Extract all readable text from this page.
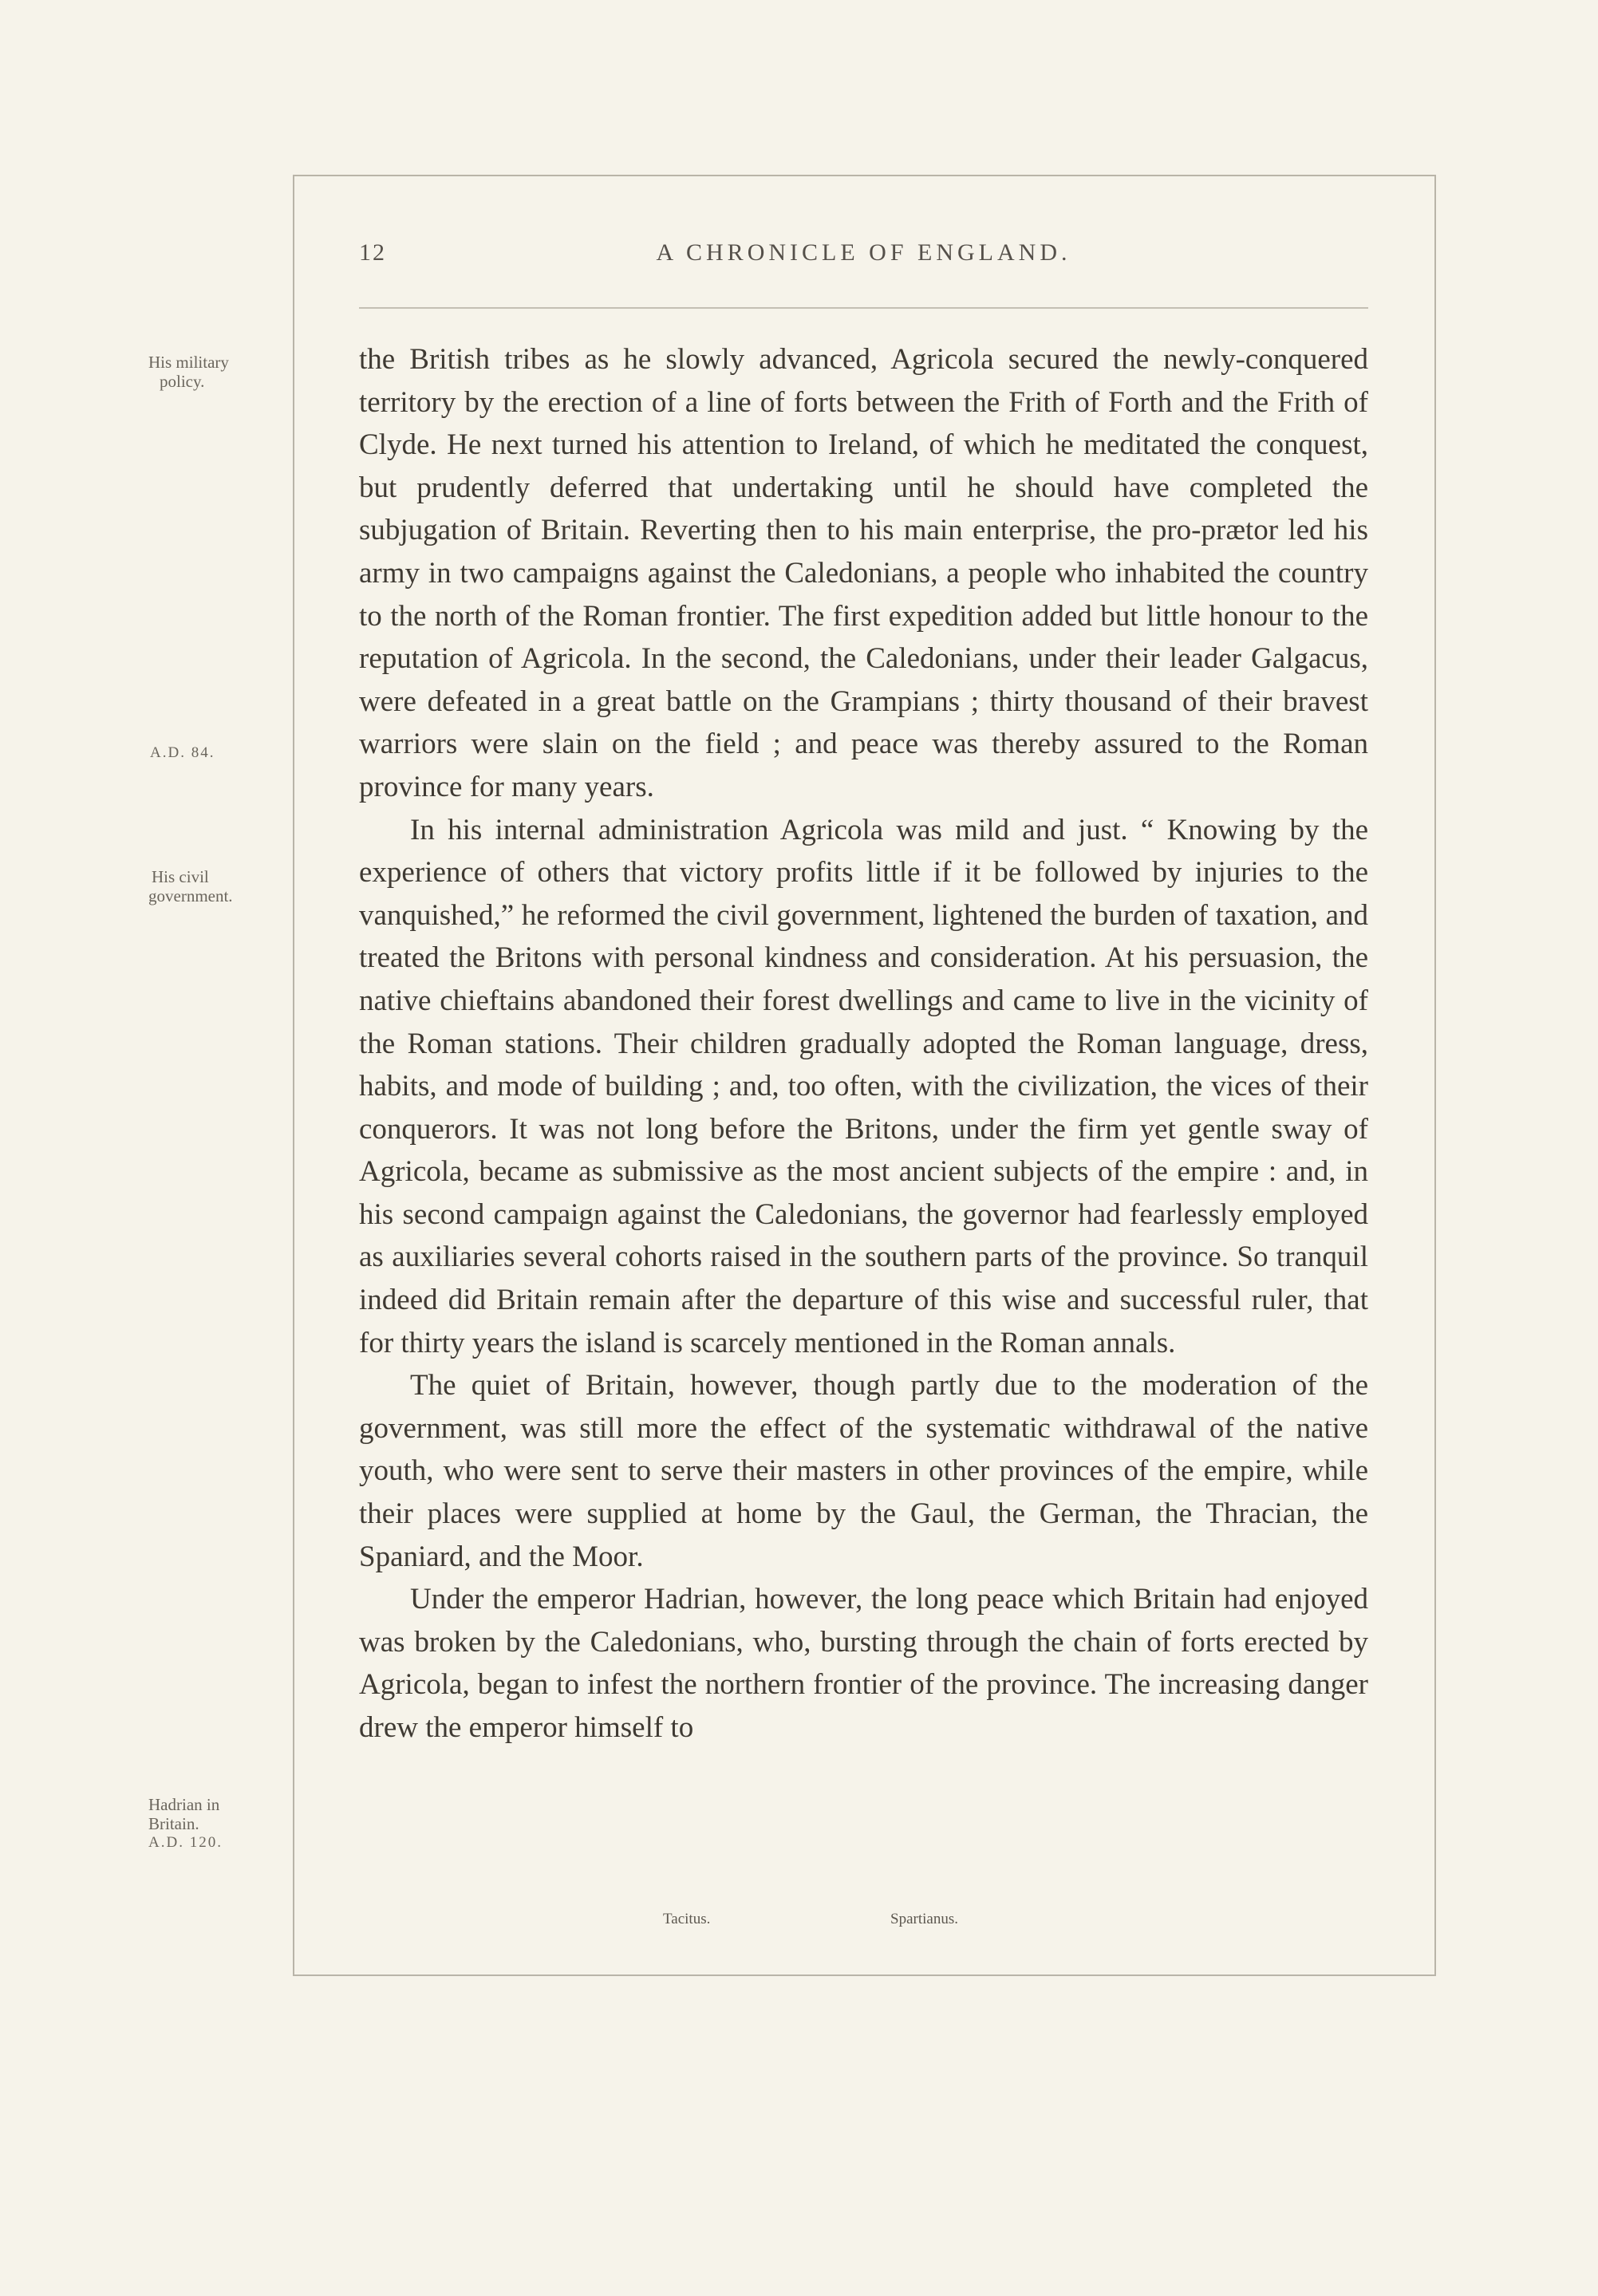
12	A CHRONICLE OF ENGLAND.
His military
policy.
A.D. 84.
His civil
government.
Hadrian in
Britain.
A.D. 120.

the British tribes as he slowly advanced, Agricola secured the newly-conquered territory by the erection of a line of forts between the Frith of Forth and the Frith of Clyde. He next turned his attention to Ireland, of which he meditated the conquest, but prudently deferred that undertaking until he should have completed the subjugation of Britain. Reverting then to his main enterprise, the pro-prætor led his army in two campaigns against the Caledonians, a people who inhabited the country to the north of the Roman frontier. The first expedition added but little honour to the reputation of Agricola. In the second, the Caledonians, under their leader Galgacus, were defeated in a great battle on the Grampians ; thirty thousand of their bravest warriors were slain on the field ; and peace was thereby assured to the Roman province for many years.

In his internal administration Agricola was mild and just. “ Knowing by the experience of others that victory profits little if it be followed by injuries to the vanquished,” he reformed the civil government, lightened the burden of taxation, and treated the Britons with personal kindness and consideration. At his persuasion, the native chieftains abandoned their forest dwellings and came to live in the vicinity of the Roman stations. Their children gradually adopted the Roman language, dress, habits, and mode of building ; and, too often, with the civilization, the vices of their conquerors. It was not long before the Britons, under the firm yet gentle sway of Agricola, became as submissive as the most ancient subjects of the empire : and, in his second campaign against the Caledonians, the governor had fearlessly employed as auxiliaries several cohorts raised in the southern parts of the province. So tranquil indeed did Britain remain after the departure of this wise and successful ruler, that for thirty years the island is scarcely mentioned in the Roman annals.

The quiet of Britain, however, though partly due to the moderation of the government, was still more the effect of the systematic withdrawal of the native youth, who were sent to serve their masters in other provinces of the empire, while their places were supplied at home by the Gaul, the German, the Thracian, the Spaniard, and the Moor.

Under the emperor Hadrian, however, the long peace which Britain had enjoyed was broken by the Caledonians, who, bursting through the chain of forts erected by Agricola, began to infest the northern frontier of the province. The increasing danger drew the emperor himself to

Tacitus.	Spartianus.
